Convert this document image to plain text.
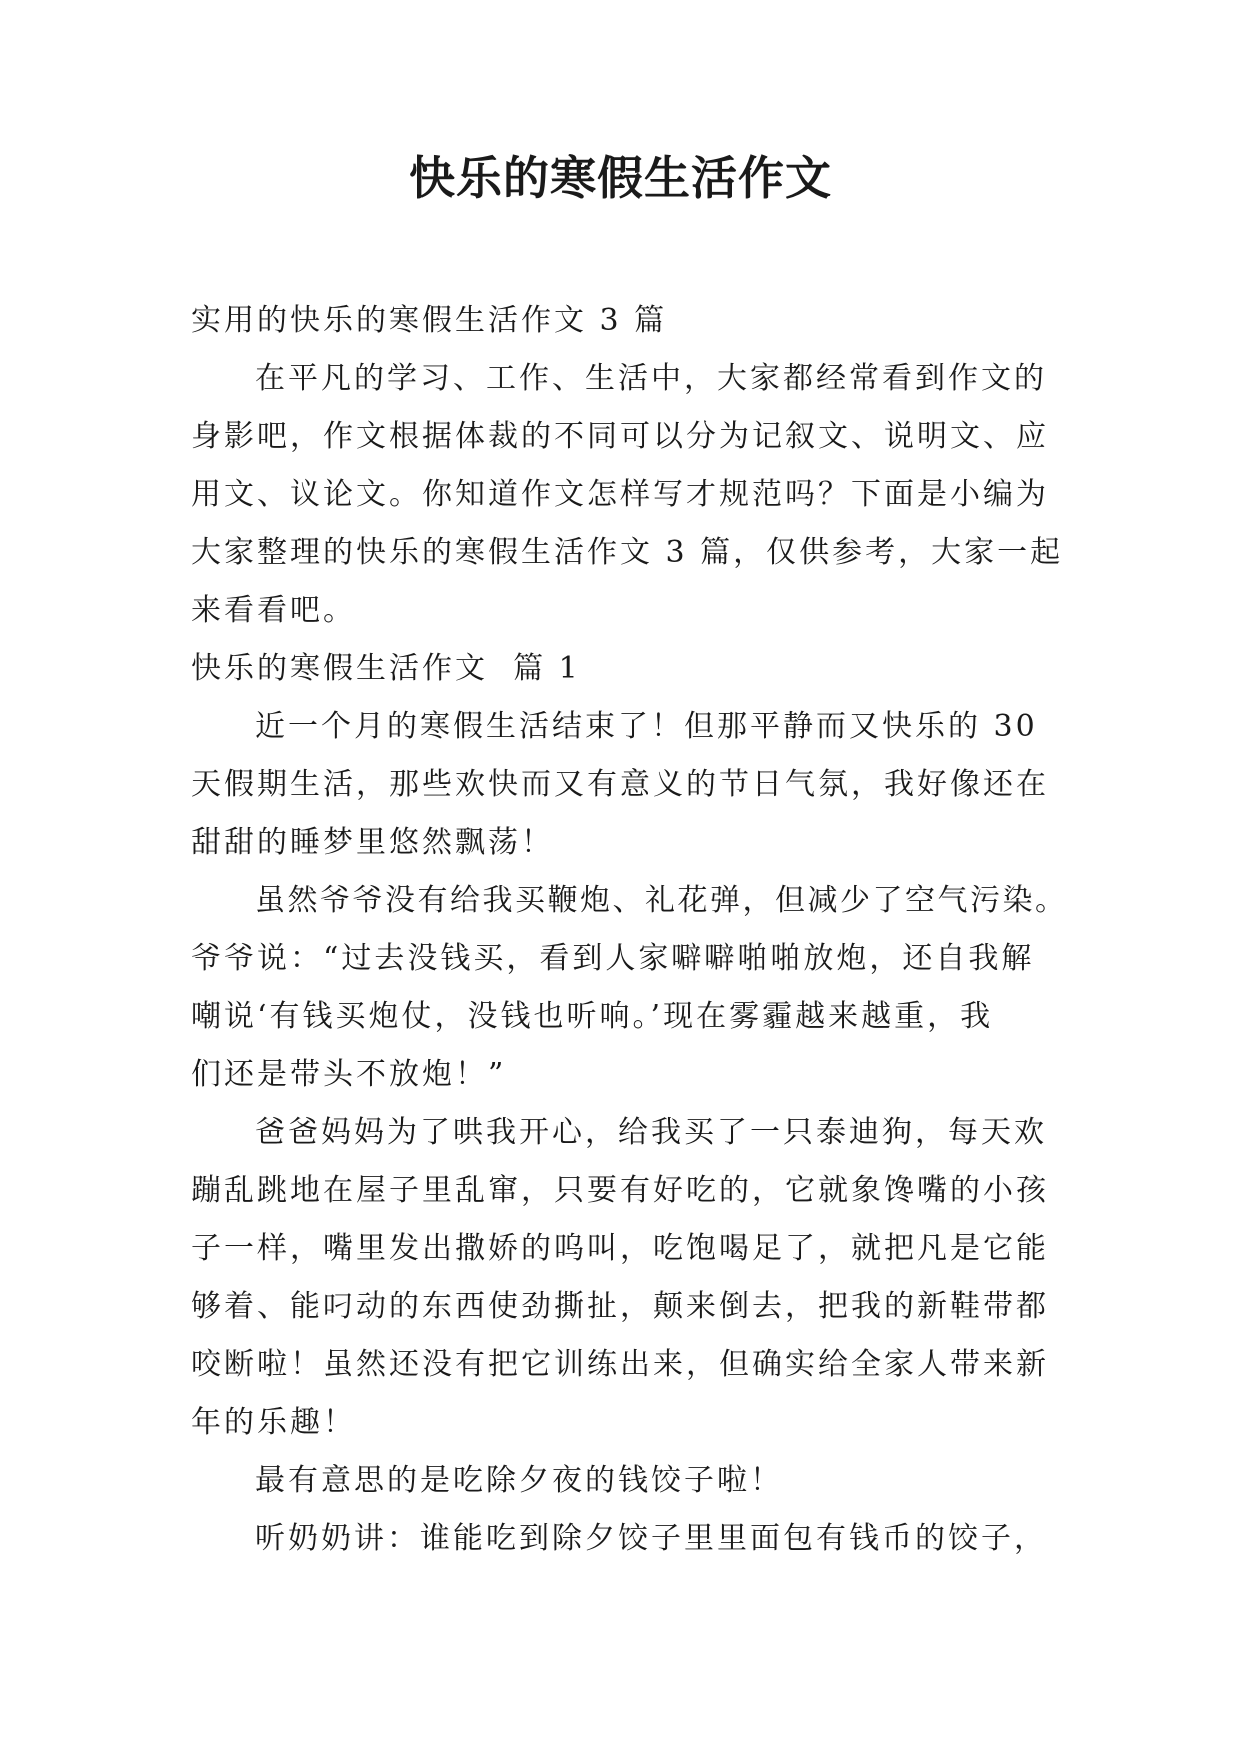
快乐的寒假生活作文

实用的快乐的寒假生活作文 3 篇

在平凡的学习、工作、生活中，大家都经常看到作文的

身影吧，作文根据体裁的不同可以分为记叙文、说明文、应

用文、议论文。你知道作文怎样写才规范吗？下面是小编为

大家整理的快乐的寒假生活作文 3 篇，仅供参考，大家一起

来看看吧。

快乐的寒假生活作文  篇 1

近一个月的寒假生活结束了！但那平静而又快乐的 30

天假期生活，那些欢快而又有意义的节日气氛，我好像还在

甜甜的睡梦里悠然飘荡！

虽然爷爷没有给我买鞭炮、礼花弹，但减少了空气污染。

爷爷说：“过去没钱买，看到人家噼噼啪啪放炮，还自我解

嘲说‘有钱买炮仗，没钱也听响。’现在雾霾越来越重，我

们还是带头不放炮！”

爸爸妈妈为了哄我开心，给我买了一只泰迪狗，每天欢

蹦乱跳地在屋子里乱窜，只要有好吃的，它就象馋嘴的小孩

子一样，嘴里发出撒娇的呜叫，吃饱喝足了，就把凡是它能

够着、能叼动的东西使劲撕扯，颠来倒去，把我的新鞋带都

咬断啦！虽然还没有把它训练出来，但确实给全家人带来新

年的乐趣！

最有意思的是吃除夕夜的钱饺子啦！

听奶奶讲：谁能吃到除夕饺子里里面包有钱币的饺子，
